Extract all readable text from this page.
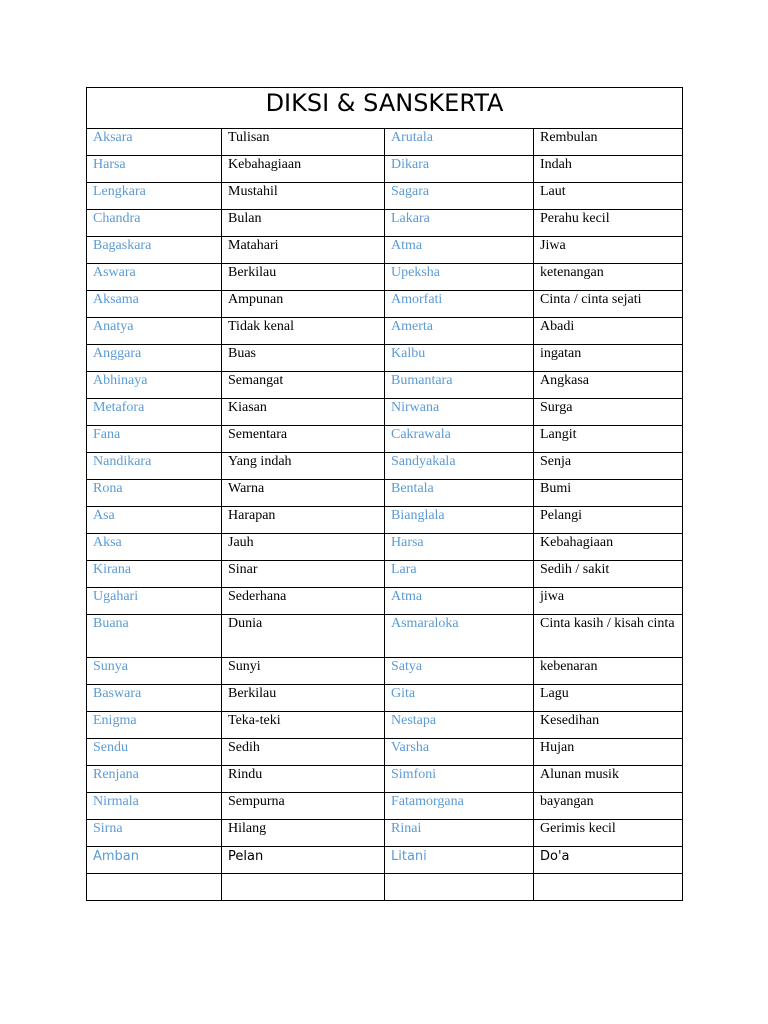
DIKSI & SANSKERTA			
Aksara	Tulisan	Arutala	Rembulan
Harsa	Kebahagiaan	Dikara	Indah
Lengkara	Mustahil	Sagara	Laut
Chandra	Bulan	Lakara	Perahu kecil
Bagaskara	Matahari	Atma	Jiwa
Aswara	Berkilau	Upeksha	ketenangan
Aksama	Ampunan	Amorfati	Cinta / cinta sejati
Anatya	Tidak kenal	Amerta	Abadi
Anggara	Buas	Kalbu	ingatan
Abhinaya	Semangat	Bumantara	Angkasa
Metafora	Kiasan	Nirwana	Surga
Fana	Sementara	Cakrawala	Langit
Nandikara	Yang indah	Sandyakala	Senja
Rona	Warna	Bentala	Bumi
Asa	Harapan	Bianglala	Pelangi
Aksa	Jauh	Harsa	Kebahagiaan
Kirana	Sinar	Lara	Sedih / sakit
Ugahari	Sederhana	Atma	jiwa
Buana	Dunia	Asmaraloka	Cinta kasih / kisah cinta
Sunya	Sunyi	Satya	kebenaran
Baswara	Berkilau	Gita	Lagu
Enigma	Teka-teki	Nestapa	Kesedihan
Sendu	Sedih	Varsha	Hujan
Renjana	Rindu	Simfoni	Alunan musik
Nirmala	Sempurna	Fatamorgana	bayangan
Sirna	Hilang	Rinai	Gerimis kecil
Amban	Pelan	Litani	Do'a
